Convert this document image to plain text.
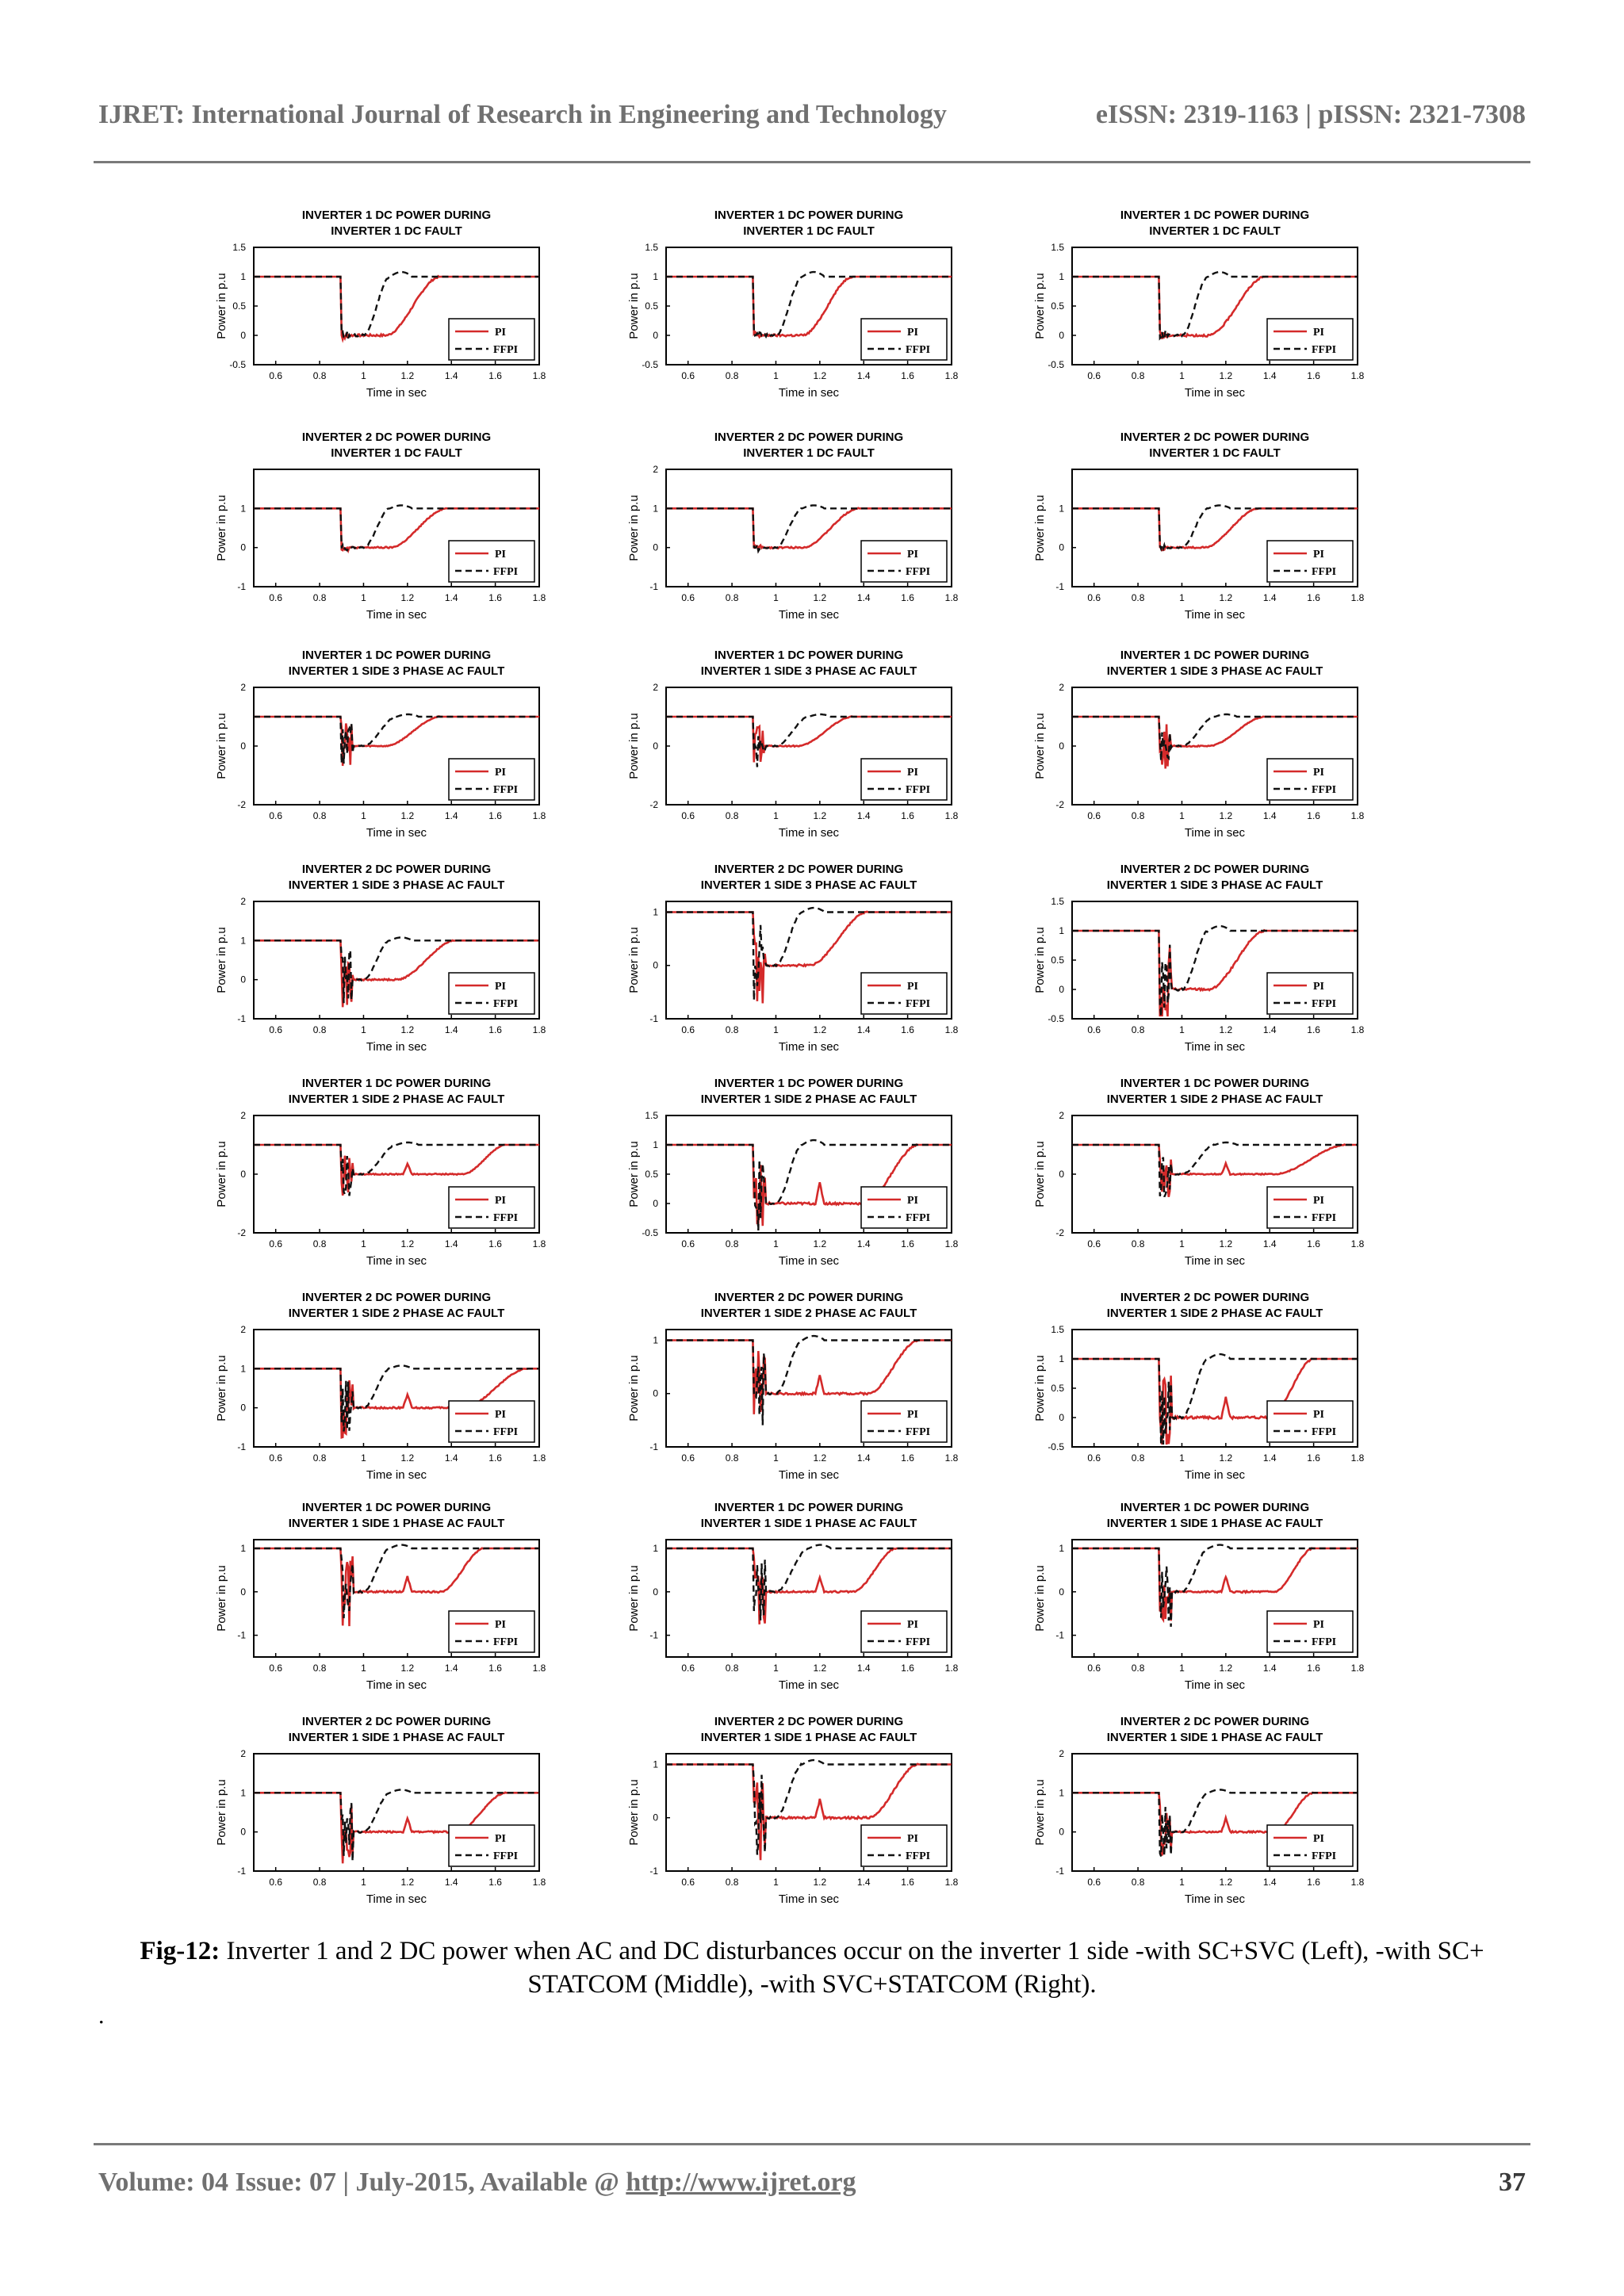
IJRET: International Journal of Research in Engineering and Technology	eISSN: 2319-1163 | pISSN: 2321-7308
INVERTER 1 DC POWER DURING
INVERTER 1 DC FAULT
0.6	0.8	1	1.2	1.4	1.6	1.8
-0.5
0
0.5
1
1.5
Time in sec
Power in p.u	PI
FFPI
INVERTER 1 DC POWER DURING
INVERTER 1 DC FAULT
0.6	0.8	1	1.2	1.4	1.6	1.8
-0.5
0
0.5
1
1.5
Time in sec
Power in p.u	PI
FFPI
INVERTER 1 DC POWER DURING
INVERTER 1 DC FAULT
0.6	0.8	1	1.2	1.4	1.6	1.8
-0.5
0
0.5
1
1.5
Time in sec
Power in p.u	PI
FFPI
INVERTER 2 DC POWER DURING
INVERTER 1 DC FAULT
0.6	0.8	1	1.2	1.4	1.6	1.8
-1
0
1
Time in sec
Power in p.u	PI
FFPI
INVERTER 2 DC POWER DURING
INVERTER 1 DC FAULT
0.6	0.8	1	1.2	1.4	1.6	1.8
-1
0
1
2
Time in sec
Power in p.u	PI
FFPI
INVERTER 2 DC POWER DURING
INVERTER 1 DC FAULT
0.6	0.8	1	1.2	1.4	1.6	1.8
-1
0
1
Time in sec
Power in p.u	PI
FFPI
INVERTER 1 DC POWER DURING
INVERTER 1 SIDE 3 PHASE AC FAULT
0.6	0.8	1	1.2	1.4	1.6	1.8
-2
0
2
Time in sec
Power in p.u	PI
FFPI
INVERTER 1 DC POWER DURING
INVERTER 1 SIDE 3 PHASE AC FAULT
0.6	0.8	1	1.2	1.4	1.6	1.8
-2
0
2
Time in sec
Power in p.u	PI
FFPI
INVERTER 1 DC POWER DURING
INVERTER 1 SIDE 3 PHASE AC FAULT
0.6	0.8	1	1.2	1.4	1.6	1.8
-2
0
2
Time in sec
Power in p.u	PI
FFPI
INVERTER 2 DC POWER DURING
INVERTER 1 SIDE 3 PHASE AC FAULT
0.6	0.8	1	1.2	1.4	1.6	1.8
-1
0
1
2
Time in sec
Power in p.u	PI
FFPI
INVERTER 2 DC POWER DURING
INVERTER 1 SIDE 3 PHASE AC FAULT
0.6	0.8	1	1.2	1.4	1.6	1.8
-1
0
1
Time in sec
Power in p.u	PI
FFPI
INVERTER 2 DC POWER DURING
INVERTER 1 SIDE 3 PHASE AC FAULT
0.6	0.8	1	1.2	1.4	1.6	1.8
-0.5
0
0.5
1
1.5
Time in sec
Power in p.u	PI
FFPI
INVERTER 1 DC POWER DURING
INVERTER 1 SIDE 2 PHASE AC FAULT
0.6	0.8	1	1.2	1.4	1.6	1.8
-2
0
2
Time in sec
Power in p.u	PI
FFPI
INVERTER 1 DC POWER DURING
INVERTER 1 SIDE 2 PHASE AC FAULT
0.6	0.8	1	1.2	1.4	1.6	1.8
-0.5
0
0.5
1
1.5
Time in sec
Power in p.u	PI
FFPI
INVERTER 1 DC POWER DURING
INVERTER 1 SIDE 2 PHASE AC FAULT
0.6	0.8	1	1.2	1.4	1.6	1.8
-2
0
2
Time in sec
Power in p.u	PI
FFPI
INVERTER 2 DC POWER DURING
INVERTER 1 SIDE 2 PHASE AC FAULT
0.6	0.8	1	1.2	1.4	1.6	1.8
-1
0
1
2
Time in sec
Power in p.u	PI
FFPI
INVERTER 2 DC POWER DURING
INVERTER 1 SIDE 2 PHASE AC FAULT
0.6	0.8	1	1.2	1.4	1.6	1.8
-1
0
1
Time in sec
Power in p.u	PI
FFPI
INVERTER 2 DC POWER DURING
INVERTER 1 SIDE 2 PHASE AC FAULT
0.6	0.8	1	1.2	1.4	1.6	1.8
-0.5
0
0.5
1
1.5
Time in sec
Power in p.u	PI
FFPI
INVERTER 1 DC POWER DURING
INVERTER 1 SIDE 1 PHASE AC FAULT
0.6	0.8	1	1.2	1.4	1.6	1.8
-1
0
1
Time in sec
Power in p.u	PI
FFPI
INVERTER 1 DC POWER DURING
INVERTER 1 SIDE 1 PHASE AC FAULT
0.6	0.8	1	1.2	1.4	1.6	1.8
-1
0
1
Time in sec
Power in p.u	PI
FFPI
INVERTER 1 DC POWER DURING
INVERTER 1 SIDE 1 PHASE AC FAULT
0.6	0.8	1	1.2	1.4	1.6	1.8
-1
0
1
Time in sec
Power in p.u	PI
FFPI
INVERTER 2 DC POWER DURING
INVERTER 1 SIDE 1 PHASE AC FAULT
0.6	0.8	1	1.2	1.4	1.6	1.8
-1
0
1
2
Time in sec
Power in p.u	PI
FFPI
INVERTER 2 DC POWER DURING
INVERTER 1 SIDE 1 PHASE AC FAULT
0.6	0.8	1	1.2	1.4	1.6	1.8
-1
0
1
Time in sec
Power in p.u	PI
FFPI
INVERTER 2 DC POWER DURING
INVERTER 1 SIDE 1 PHASE AC FAULT
0.6	0.8	1	1.2	1.4	1.6	1.8
-1
0
1
2
Time in sec
Power in p.u	PI
FFPI
Fig-12: Inverter 1 and 2 DC power when AC and DC disturbances occur on the inverter 1 side -with SC+SVC (Left), -with SC+ STATCOM (Middle), -with SVC+STATCOM (Right).
.
Volume: 04 Issue: 07 | July-2015, Available @ http://www.ijret.org	37
